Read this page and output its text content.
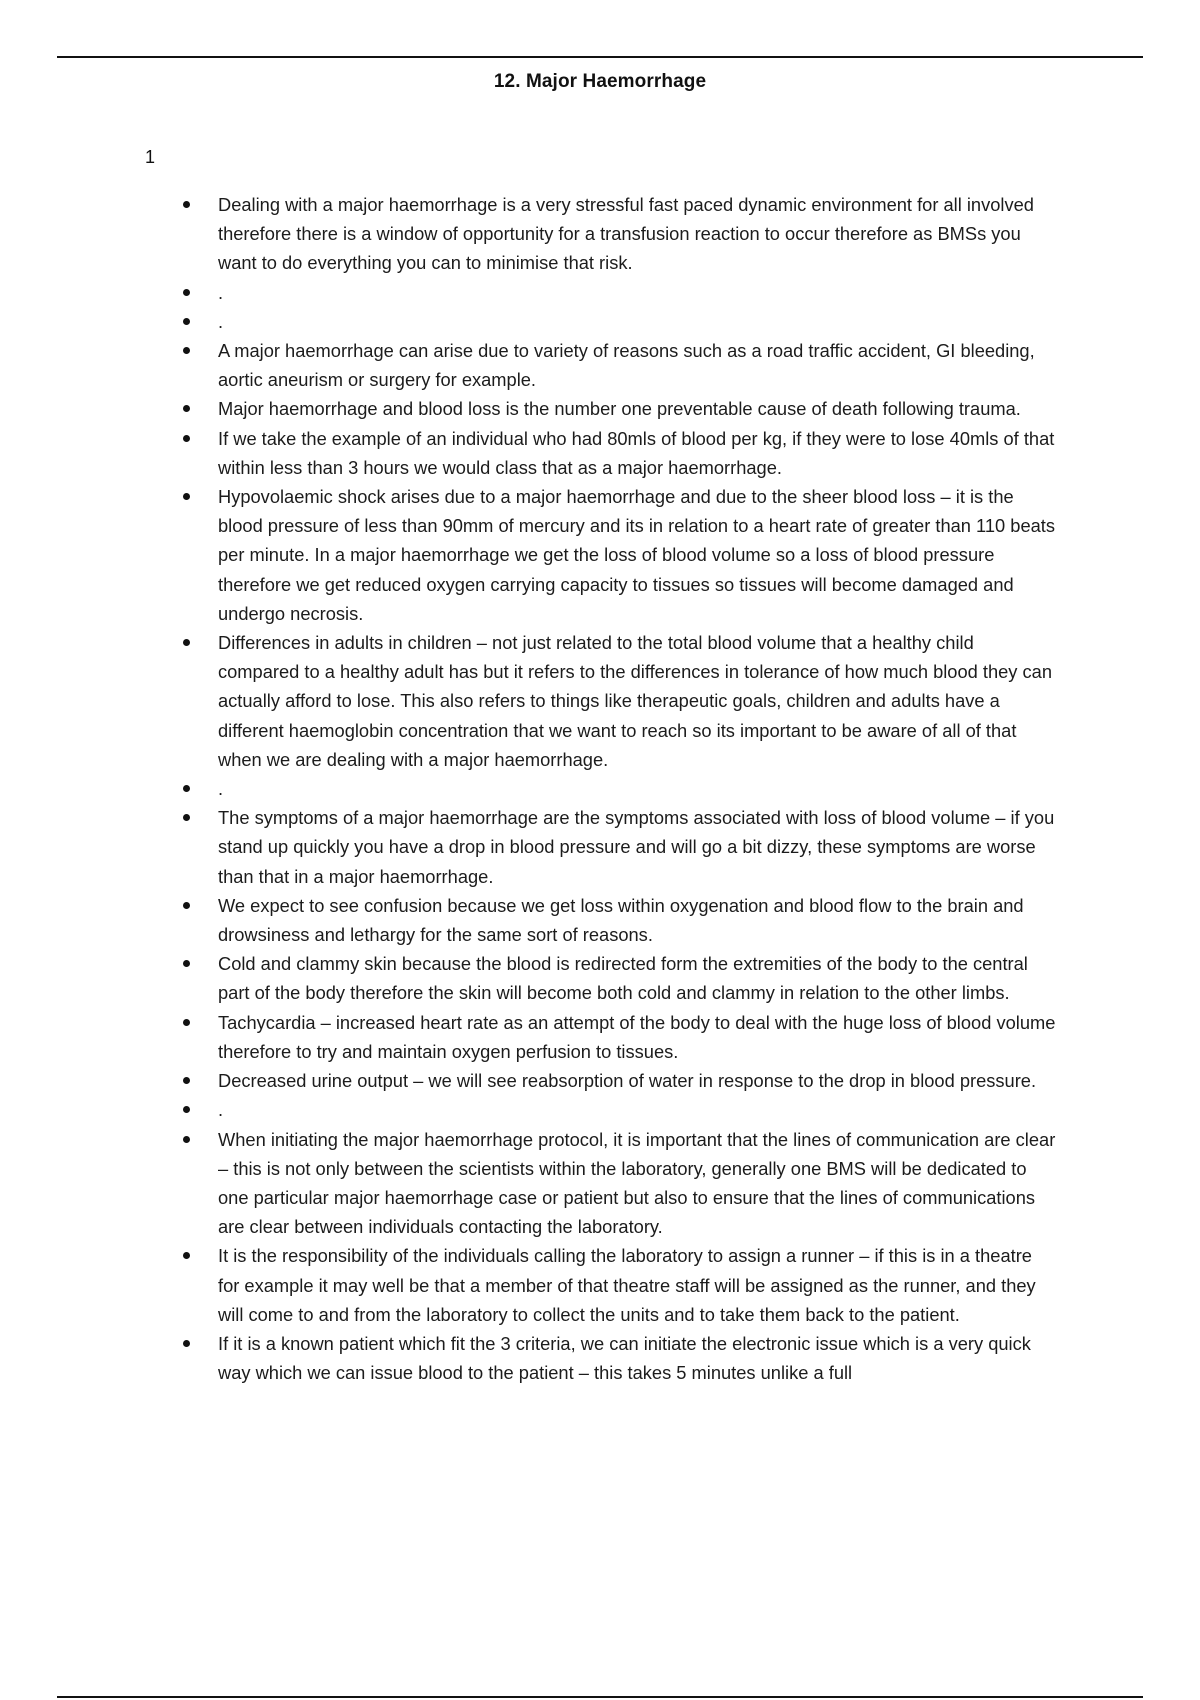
12. Major Haemorrhage
1
Dealing with a major haemorrhage is a very stressful fast paced dynamic environment for all involved therefore there is a window of opportunity for a transfusion reaction to occur therefore as BMSs you want to do everything you can to minimise that risk.
.
.
A major haemorrhage can arise due to variety of reasons such as a road traffic accident, GI bleeding, aortic aneurism or surgery for example.
Major haemorrhage and blood loss is the number one preventable cause of death following trauma.
If we take the example of an individual who had 80mls of blood per kg, if they were to lose 40mls of that within less than 3 hours we would class that as a major haemorrhage.
Hypovolaemic shock arises due to a major haemorrhage and due to the sheer blood loss – it is the blood pressure of less than 90mm of mercury and its in relation to a heart rate of greater than 110 beats per minute. In a major haemorrhage we get the loss of blood volume so a loss of blood pressure therefore we get reduced oxygen carrying capacity to tissues so tissues will become damaged and undergo necrosis.
Differences in adults in children – not just related to the total blood volume that a healthy child compared to a healthy adult has but it refers to the differences in tolerance of how much blood they can actually afford to lose. This also refers to things like therapeutic goals, children and adults have a different haemoglobin concentration that we want to reach so its important to be aware of all of that when we are dealing with a major haemorrhage.
.
The symptoms of a major haemorrhage are the symptoms associated with loss of blood volume – if you stand up quickly you have a drop in blood pressure and will go a bit dizzy, these symptoms are worse than that in a major haemorrhage.
We expect to see confusion because we get loss within oxygenation and blood flow to the brain and drowsiness and lethargy for the same sort of reasons.
Cold and clammy skin because the blood is redirected form the extremities of the body to the central part of the body therefore the skin will become both cold and clammy in relation to the other limbs.
Tachycardia – increased heart rate as an attempt of the body to deal with the huge loss of blood volume therefore to try and maintain oxygen perfusion to tissues.
Decreased urine output – we will see reabsorption of water in response to the drop in blood pressure.
.
When initiating the major haemorrhage protocol, it is important that the lines of communication are clear – this is not only between the scientists within the laboratory, generally one BMS will be dedicated to one particular major haemorrhage case or patient but also to ensure that the lines of communications are clear between individuals contacting the laboratory.
It is the responsibility of the individuals calling the laboratory to assign a runner – if this is in a theatre for example it may well be that a member of that theatre staff will be assigned as the runner, and they will come to and from the laboratory to collect the units and to take them back to the patient.
If it is a known patient which fit the 3 criteria, we can initiate the electronic issue which is a very quick way which we can issue blood to the patient – this takes 5 minutes unlike a full
